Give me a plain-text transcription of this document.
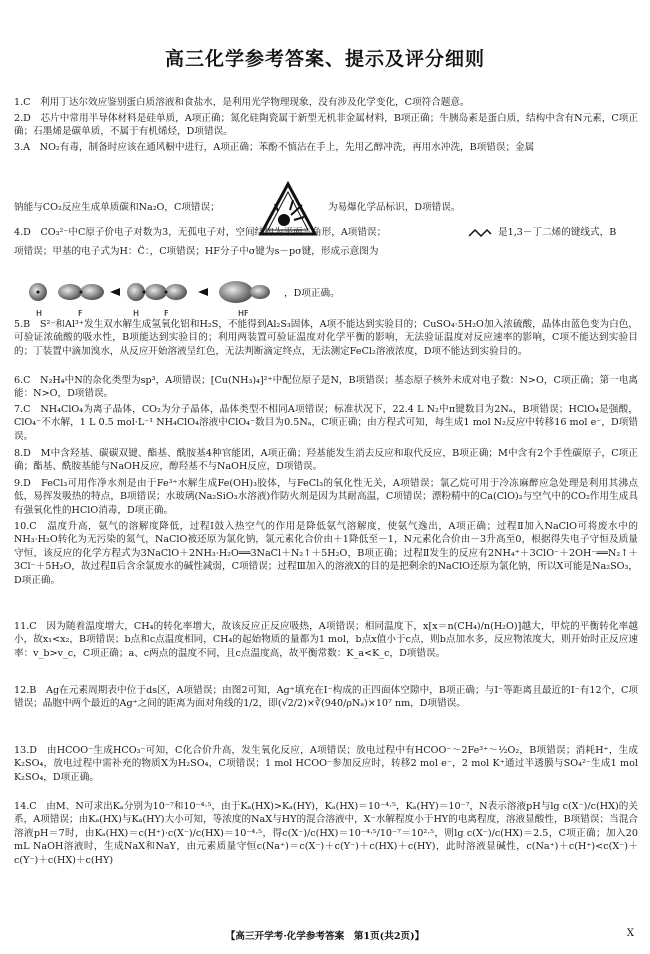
高三化学参考答案、提示及评分细则

1.C　利用丁达尔效应鉴别蛋白质溶液和食盐水，是利用光学物理现象，没有涉及化学变化，C项符合题意。

2.D　芯片中常用半导体材料是硅单质，A项正确；氮化硅陶瓷属于新型无机非金属材料，B项正确；牛胰岛素是蛋白质，结构中含有N元素，C项正确；石墨烯是碳单质，不属于有机烯烃，D项错误。

3.A　NO₂有毒，制备时应该在通风橱中进行，A项正确；苯酚不慎沾在手上，先用乙醇冲洗，再用水冲洗，B项错误；金属

钠能与CO₂反应生成单质碳和Na₂O，C项错误；	为易爆化学品标识，D项错误。

4.D　CO₃²⁻中C原子价电子对数为3，无孤电子对，空间结构为平面三角形，A项错误；	是1,3－丁二烯的键线式，B

项错误；甲基的电子式为H：C̈：，C项错误；HF分子中σ键为s－pσ键，形成示意图为

H	F	H	F	HF

，D项正确。

5.B　S²⁻和Al³⁺发生双水解生成氢氧化铝和H₂S，不能得到Al₂S₃固体，A项不能达到实验目的；CuSO₄·5H₂O加入浓硫酸，晶体由蓝色变为白色，可验证浓硫酸的吸水性，B项能达到实验目的；利用两装置可验证温度对化学平衡的影响，无法验证温度对反应速率的影响，C项不能达到实验目的；丁装置中滴加溴水，从反应开始溶液呈红色，无法判断滴定终点，无法测定FeCl₂溶液浓度，D项不能达到实验目的。

6.C　N₂H₄中N的杂化类型为sp³，A项错误；[Cu(NH₃)₄]²⁺中配位原子是N，B项错误；基态原子核外未成对电子数：N>O，C项正确；第一电离能：N>O，D项错误。

7.C　NH₄ClO₄为离子晶体，CO₂为分子晶体，晶体类型不相同A项错误；标准状况下，22.4 L N₂中π键数目为2Nₐ，B项错误；HClO₄是强酸，ClO₄⁻不水解，1 L 0.5 mol·L⁻¹ NH₄ClO₄溶液中ClO₄⁻数目为0.5Nₐ，C项正确；由方程式可知，每生成1 mol N₂反应中转移16 mol e⁻，D项错误。

8.D　M中含羟基、碳碳双键、酯基、酰胺基4种官能团，A项正确；羟基能发生消去反应和取代反应，B项正确；M中含有2个手性碳原子，C项正确；酯基、酰胺基能与NaOH反应，醇羟基不与NaOH反应，D项错误。

9.D　FeCl₃可用作净水剂是由于Fe³⁺水解生成Fe(OH)₃胶体，与FeCl₃的氧化性无关，A项错误；氯乙烷可用于冷冻麻醉应急处理是利用其沸点低，易挥发吸热的特点，B项错误；水玻璃(Na₂SiO₃水溶液)作防火剂是因为其耐高温，C项错误；漂粉精中的Ca(ClO)₂与空气中的CO₂作用生成具有强氧化性的HClO消毒，D项正确。

10.C　温度升高，氨气的溶解度降低，过程Ⅰ鼓入热空气的作用是降低氨气溶解度，使氨气逸出，A项正确；过程Ⅱ加入NaClO可将废水中的NH₃·H₂O转化为无污染的氮气，NaClO被还原为氯化钠，氯元素化合价由＋1降低至－1，N元素化合价由－3升高至0，根据得失电子守恒及质量守恒，该反应的化学方程式为3NaClO＋2NH₃·H₂O══3NaCl＋N₂↑＋5H₂O，B项正确；过程Ⅱ发生的反应有2NH₄⁺＋3ClO⁻＋2OH⁻══N₂↑＋3Cl⁻＋5H₂O，故过程Ⅱ后含余氯废水的碱性减弱，C项错误；过程Ⅲ加入的溶液X的目的是把剩余的NaClO还原为氯化钠，所以X可能是Na₂SO₃，D项正确。

11.C　因为随着温度增大，CH₄的转化率增大，故该反应正反应吸热，A项错误；相同温度下，x[x＝n(CH₄)/n(H₂O)]越大，甲烷的平衡转化率越小，故x₁<x₂，B项错误；b点和c点温度相同，CH₄的起始物质的量都为1 mol，b点x值小于c点，则b点加水多，反应物浓度大，则开始时正反应速率：v_b>v_c，C项正确；a、c两点的温度不同，且c点温度高，故平衡常数：K_a<K_c，D项错误。

12.B　Ag在元素周期表中位于ds区，A项错误；由图2可知，Ag⁺填充在I⁻构成的正四面体空隙中，B项正确；与I⁻等距离且最近的I⁻有12个，C项错误；晶胞中两个最近的Ag⁺之间的距离为面对角线的1/2，即(√2/2)×∛(940/ρNₐ)×10⁷ nm，D项错误。

13.D　由HCOO⁻生成HCO₃⁻可知，C化合价升高，发生氧化反应，A项错误；放电过程中有HCOO⁻～2Fe³⁺～½O₂，B项错误；消耗H⁺，生成K₂SO₄，放电过程中需补充的物质X为H₂SO₄，C项错误；1 mol HCOO⁻参加反应时，转移2 mol e⁻，2 mol K⁺通过半透膜与SO₄²⁻生成1 mol K₂SO₄，D项正确。

14.C　由M、N可求出Kₐ分别为10⁻⁷和10⁻⁴·⁵，由于Kₐ(HX)>Kₐ(HY)，Kₐ(HX)＝10⁻⁴·⁵，Kₐ(HY)＝10⁻⁷，N表示溶液pH与lg c(X⁻)/c(HX)的关系，A项错误；由Kₐ(HX)与Kₐ(HY)大小可知，等浓度的NaX与HY的混合溶液中，X⁻水解程度小于HY的电离程度，溶液显酸性，B项错误；当混合溶液pH＝7时，由Kₐ(HX)＝c(H⁺)·c(X⁻)/c(HX)＝10⁻⁴·⁵，得c(X⁻)/c(HX)＝10⁻⁴·⁵/10⁻⁷＝10²·⁵，则lg c(X⁻)/c(HX)＝2.5，C项正确；加入20 mL NaOH溶液时，生成NaX和NaY，由元素质量守恒c(Na⁺)＝c(X⁻)＋c(Y⁻)＋c(HX)＋c(HY)，此时溶液显碱性，c(Na⁺)＋c(H⁺)<c(X⁻)＋c(Y⁻)＋c(HX)＋c(HY)

【高三开学考·化学参考答案　第1页(共2页)】	X
